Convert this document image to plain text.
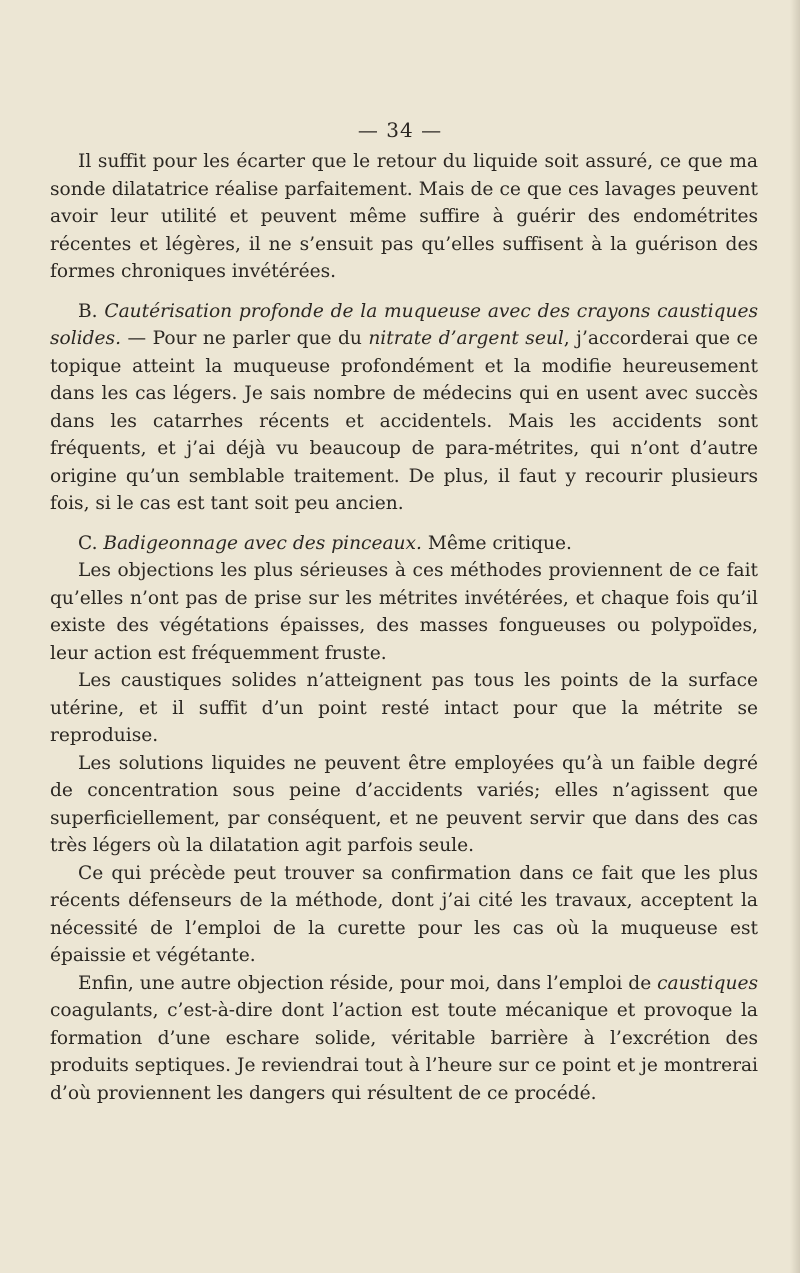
— 34 —

Il suffit pour les écarter que le retour du liquide soit assuré, ce que ma sonde dilatatrice réalise parfaitement. Mais de ce que ces lavages peuvent avoir leur utilité et peuvent même suffire à guérir des endométrites récentes et légères, il ne s’ensuit pas qu’elles suffisent à la guérison des formes chroniques invétérées.

B. Cautérisation profonde de la muqueuse avec des crayons caustiques solides. — Pour ne parler que du nitrate d’argent seul, j’accorderai que ce topique atteint la muqueuse profondément et la modifie heureusement dans les cas légers. Je sais nombre de médecins qui en usent avec succès dans les catarrhes récents et accidentels. Mais les accidents sont fréquents, et j’ai déjà vu beaucoup de para-métrites, qui n’ont d’autre origine qu’un semblable traitement. De plus, il faut y recourir plusieurs fois, si le cas est tant soit peu ancien.

C. Badigeonnage avec des pinceaux. Même critique.

Les objections les plus sérieuses à ces méthodes proviennent de ce fait qu’elles n’ont pas de prise sur les métrites invétérées, et chaque fois qu’il existe des végétations épaisses, des masses fongueuses ou polypoïdes, leur action est fréquemment fruste.

Les caustiques solides n’atteignent pas tous les points de la surface utérine, et il suffit d’un point resté intact pour que la métrite se reproduise.

Les solutions liquides ne peuvent être employées qu’à un faible degré de concentration sous peine d’accidents variés; elles n’agissent que superficiellement, par conséquent, et ne peuvent servir que dans des cas très légers où la dilatation agit parfois seule.

Ce qui précède peut trouver sa confirmation dans ce fait que les plus récents défenseurs de la méthode, dont j’ai cité les travaux, acceptent la nécessité de l’emploi de la curette pour les cas où la muqueuse est épaissie et végétante.

Enfin, une autre objection réside, pour moi, dans l’emploi de caustiques coagulants, c’est-à-dire dont l’action est toute mécanique et provoque la formation d’une eschare solide, véritable barrière à l’excrétion des produits septiques. Je reviendrai tout à l’heure sur ce point et je montrerai d’où proviennent les dangers qui résultent de ce procédé.
